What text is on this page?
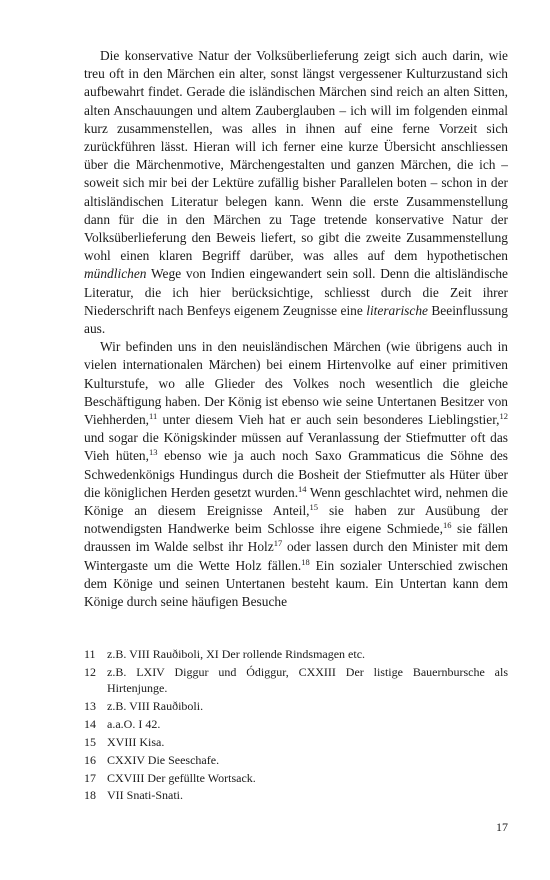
Die konservative Natur der Volksüberlieferung zeigt sich auch darin, wie treu oft in den Märchen ein alter, sonst längst vergessener Kulturzustand sich aufbewahrt findet. Gerade die isländischen Märchen sind reich an alten Sitten, alten Anschauungen und altem Zauberglauben – ich will im folgenden einmal kurz zusammenstellen, was alles in ihnen auf eine ferne Vorzeit sich zurückführen lässt. Hieran will ich ferner eine kurze Übersicht anschliessen über die Märchenmotive, Märchengestalten und ganzen Märchen, die ich – soweit sich mir bei der Lektüre zufällig bisher Parallelen boten – schon in der altisländischen Literatur belegen kann. Wenn die erste Zusammenstellung dann für die in den Märchen zu Tage tretende konservative Natur der Volksüberlieferung den Beweis liefert, so gibt die zweite Zusammenstellung wohl einen klaren Begriff darüber, was alles auf dem hypothetischen mündlichen Wege von Indien eingewandert sein soll. Denn die altisländische Literatur, die ich hier berücksichtige, schliesst durch die Zeit ihrer Niederschrift nach Benfeys eigenem Zeugnisse eine literarische Beeinflussung aus.

Wir befinden uns in den neuisländischen Märchen (wie übrigens auch in vielen internationalen Märchen) bei einem Hirtenvolke auf einer primitiven Kulturstufe, wo alle Glieder des Volkes noch wesentlich die gleiche Beschäftigung haben. Der König ist ebenso wie seine Untertanen Besitzer von Viehherden,$^{11}$ unter diesem Vieh hat er auch sein besonderes Lieblingstier,$^{12}$ und sogar die Königskinder müssen auf Veranlassung der Stiefmutter oft das Vieh hüten,$^{13}$ ebenso wie ja auch noch Saxo Grammaticus die Söhne des Schwedenkönigs Hundingus durch die Bosheit der Stiefmutter als Hüter über die königlichen Herden gesetzt wurden.$^{14}$ Wenn geschlachtet wird, nehmen die Könige an diesem Ereignisse Anteil,$^{15}$ sie haben zur Ausübung der notwendigsten Handwerke beim Schlosse ihre eigene Schmiede,$^{16}$ sie fällen draussen im Walde selbst ihr Holz$^{17}$ oder lassen durch den Minister mit dem Wintergaste um die Wette Holz fällen.$^{18}$ Ein sozialer Unterschied zwischen dem Könige und seinen Untertanen besteht kaum. Ein Untertan kann dem Könige durch seine häufigen Besuche

11 z.B. VIII Rauðiboli, XI Der rollende Rindsmagen etc.
12 z.B. LXIV Diggur und Ódiggur, CXXIII Der listige Bauernbursche als Hirtenjunge.
13 z.B. VIII Rauðiboli.
14 a.a.O. I 42.
15 XVIII Kisa.
16 CXXIV Die Seeschafe.
17 CXVIII Der gefüllte Wortsack.
18 VII Snati-Snati.
17
